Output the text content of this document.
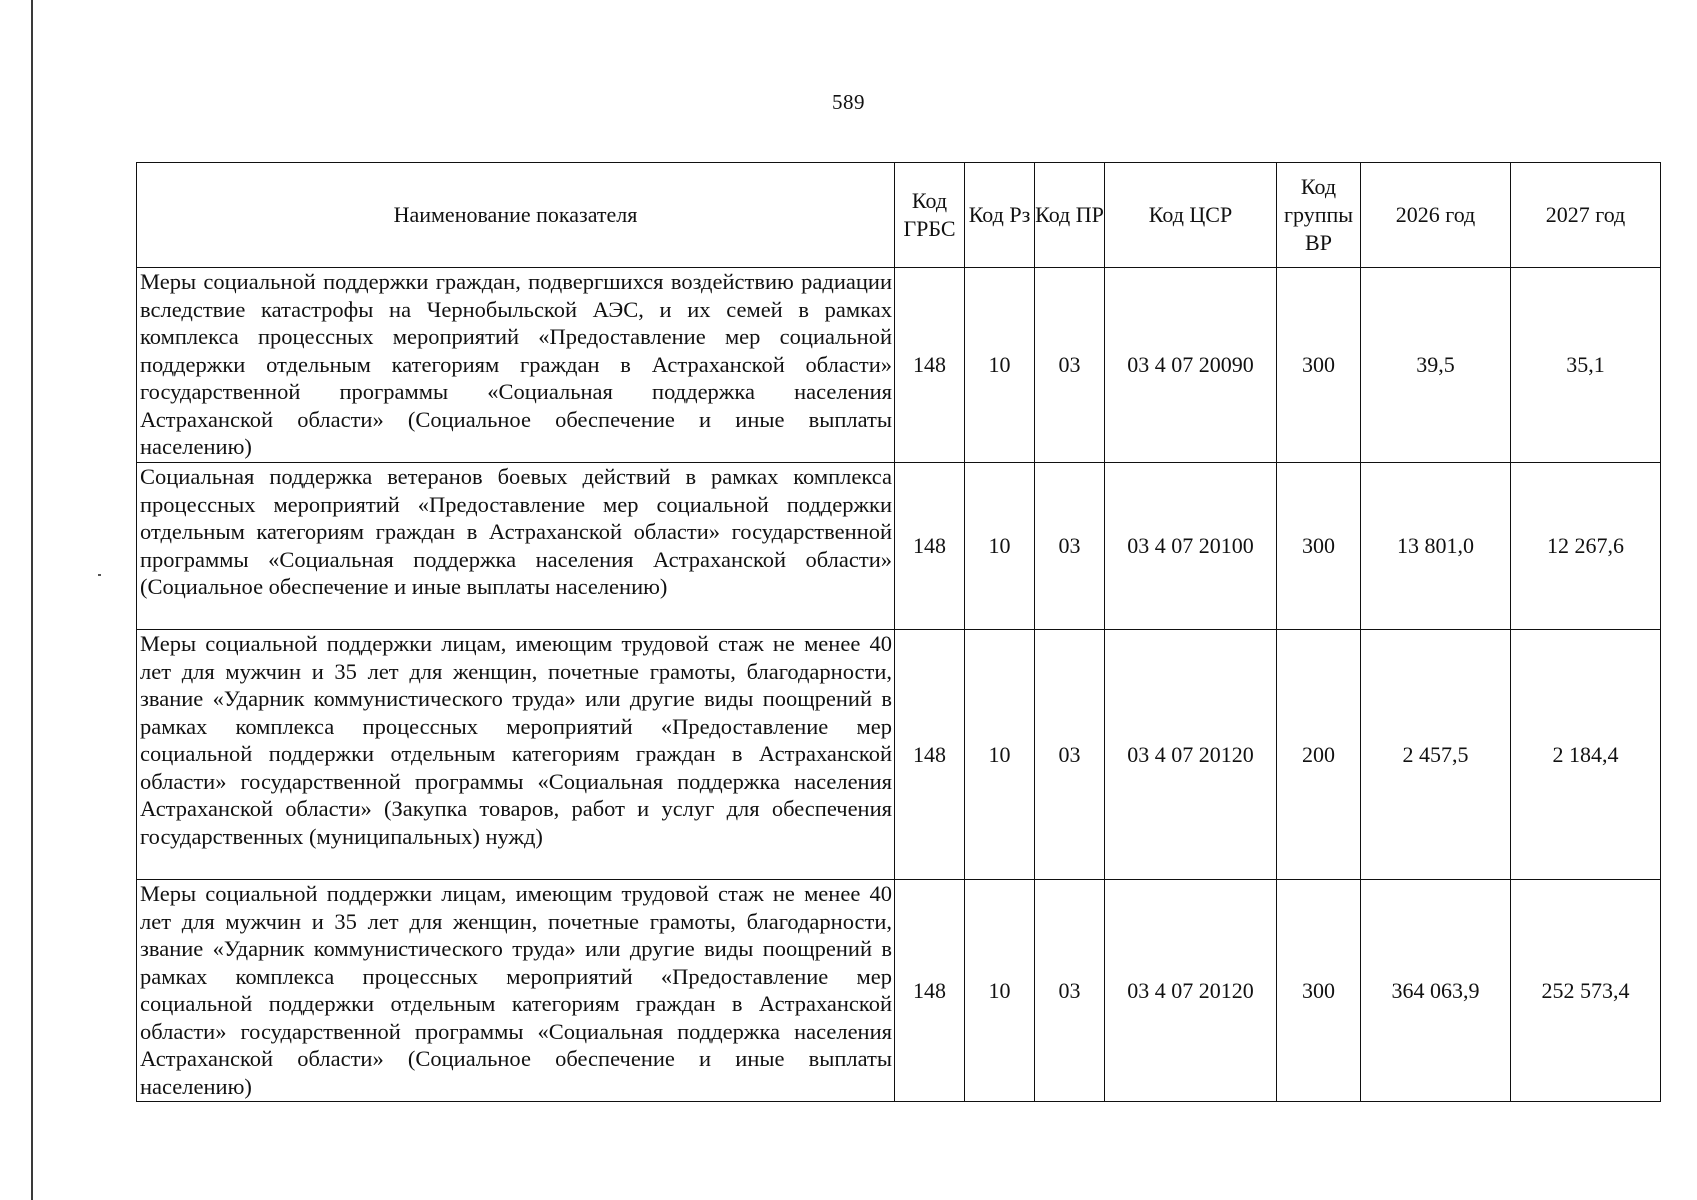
589
Наименование показателя	Код ГРБС	Код Рз	Код ПР	Код ЦСР	Код группы ВР	2026 год	2027 год
Меры социальной поддержки граждан, подвергшихся воздействию радиации вследствие катастрофы на Чернобыльской АЭС, и их семей в рамках комплекса процессных мероприятий «Предоставление мер социальной поддержки отдельным категориям граждан в Астраханской области» государственной программы «Социальная поддержка населения Астраханской области» (Социальное обеспечение и иные выплаты населению)	148	10	03	03 4 07 20090	300	39,5	35,1
Социальная поддержка ветеранов боевых действий в рамках комплекса процессных мероприятий «Предоставление мер социальной поддержки отдельным категориям граждан в Астраханской области» государственной программы «Социальная поддержка населения Астраханской области» (Социальное обеспечение и иные выплаты населению)	148	10	03	03 4 07 20100	300	13 801,0	12 267,6
Меры социальной поддержки лицам, имеющим трудовой стаж не менее 40 лет для мужчин и 35 лет для женщин, почетные грамоты, благодарности, звание «Ударник коммунистического труда» или другие виды поощрений в рамках комплекса процессных мероприятий «Предоставление мер социальной поддержки отдельным категориям граждан в Астраханской области» государственной программы «Социальная поддержка населения Астраханской области» (Закупка товаров, работ и услуг для обеспечения государственных (муниципальных) нужд)	148	10	03	03 4 07 20120	200	2 457,5	2 184,4
Меры социальной поддержки лицам, имеющим трудовой стаж не менее 40 лет для мужчин и 35 лет для женщин, почетные грамоты, благодарности, звание «Ударник коммунистического труда» или другие виды поощрений в рамках комплекса процессных мероприятий «Предоставление мер социальной поддержки отдельным категориям граждан в Астраханской области» государственной программы «Социальная поддержка населения Астраханской области» (Социальное обеспечение и иные выплаты населению)	148	10	03	03 4 07 20120	300	364 063,9	252 573,4
